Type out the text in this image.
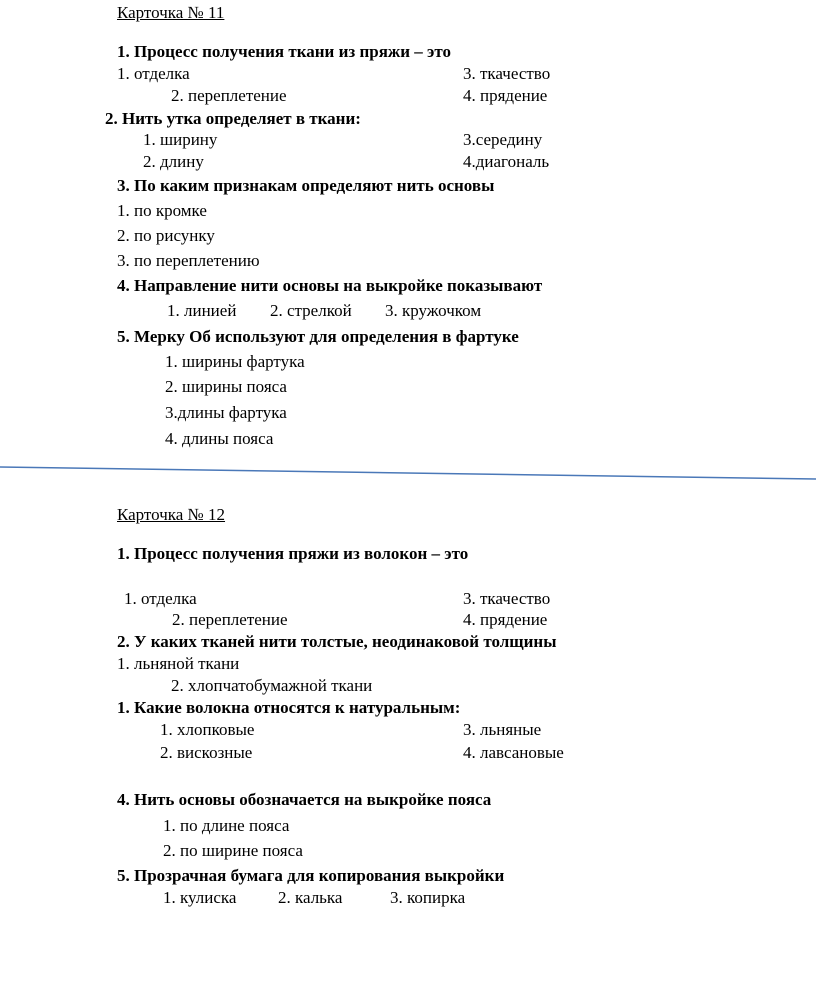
Карточка № 11
1. Процесс получения ткани из пряжи – это
1. отделка	3. ткачество
2. переплетение	4. прядение
2. Нить утка определяет в ткани:
1. ширину	3.середину
2. длину	4.диагональ
3. По каким признакам определяют нить основы
1. по кромке
2. по рисунку
3. по переплетению
4. Направление нити основы на выкройке показывают
1. линией 2. стрелкой 3. кружочком
5. Мерку Об используют для определения в фартуке
1. ширины фартука
2. ширины пояса
3.длины фартука
4. длины пояса
Карточка № 12
1. Процесс получения пряжи из волокон – это
1. отделка	3. ткачество
2. переплетение	4. прядение
2. У каких тканей нити толстые, неодинаковой толщины
1. льняной ткани
2. хлопчатобумажной ткани
1. Какие волокна относятся к натуральным:
1. хлопковые	3. льняные
2. вискозные	4. лавсановые
4. Нить основы обозначается на выкройке пояса
1. по длине пояса
2. по ширине пояса
5. Прозрачная бумага для копирования выкройки
1. кулиска 2. калька	3. копирка
